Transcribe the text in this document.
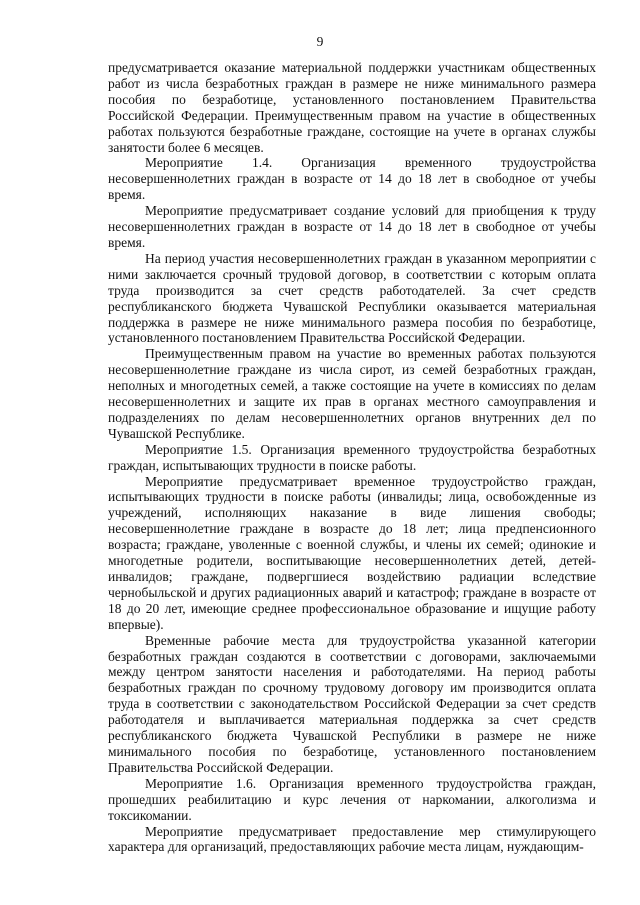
9

предусматривается оказание материальной поддержки участникам общественных работ из числа безработных граждан в размере не ниже минимального размера пособия по безработице, установленного постановлением Правительства Российской Федерации. Преимущественным правом на участие в общественных работах пользуются безработные граждане, состоящие на учете в органах службы занятости более 6 месяцев.

Мероприятие 1.4. Организация временного трудоустройства несовершеннолетних граждан в возрасте от 14 до 18 лет в свободное от учебы время.

Мероприятие предусматривает создание условий для приобщения к труду несовершеннолетних граждан в возрасте от 14 до 18 лет в свободное от учебы время.

На период участия несовершеннолетних граждан в указанном мероприятии с ними заключается срочный трудовой договор, в соответствии с которым оплата труда производится за счет средств работодателей. За счет средств республиканского бюджета Чувашской Республики оказывается материальная поддержка в размере не ниже минимального размера пособия по безработице, установленного постановлением Правительства Российской Федерации.

Преимущественным правом на участие во временных работах пользуются несовершеннолетние граждане из числа сирот, из семей безработных граждан, неполных и многодетных семей, а также состоящие на учете в комиссиях по делам несовершеннолетних и защите их прав в органах местного самоуправления и подразделениях по делам несовершеннолетних органов внутренних дел по Чувашской Республике.

Мероприятие 1.5. Организация временного трудоустройства безработных граждан, испытывающих трудности в поиске работы.

Мероприятие предусматривает временное трудоустройство граждан, испытывающих трудности в поиске работы (инвалиды; лица, освобожденные из учреждений, исполняющих наказание в виде лишения свободы; несовершеннолетние граждане в возрасте до 18 лет; лица предпенсионного возраста; граждане, уволенные с военной службы, и члены их семей; одинокие и многодетные родители, воспитывающие несовершеннолетних детей, детей-инвалидов; граждане, подвергшиеся воздействию радиации вследствие чернобыльской и других радиационных аварий и катастроф; граждане в возрасте от 18 до 20 лет, имеющие среднее профессиональное образование и ищущие работу впервые).

Временные рабочие места для трудоустройства указанной категории безработных граждан создаются в соответствии с договорами, заключаемыми между центром занятости населения и работодателями. На период работы безработных граждан по срочному трудовому договору им производится оплата труда в соответствии с законодательством Российской Федерации за счет средств работодателя и выплачивается материальная поддержка за счет средств республиканского бюджета Чувашской Республики в размере не ниже минимального пособия по безработице, установленного постановлением Правительства Российской Федерации.

Мероприятие 1.6. Организация временного трудоустройства граждан, прошедших реабилитацию и курс лечения от наркомании, алкоголизма и токсикомании.

Мероприятие предусматривает предоставление мер стимулирующего характера для организаций, предоставляющих рабочие места лицам, нуждающим-
